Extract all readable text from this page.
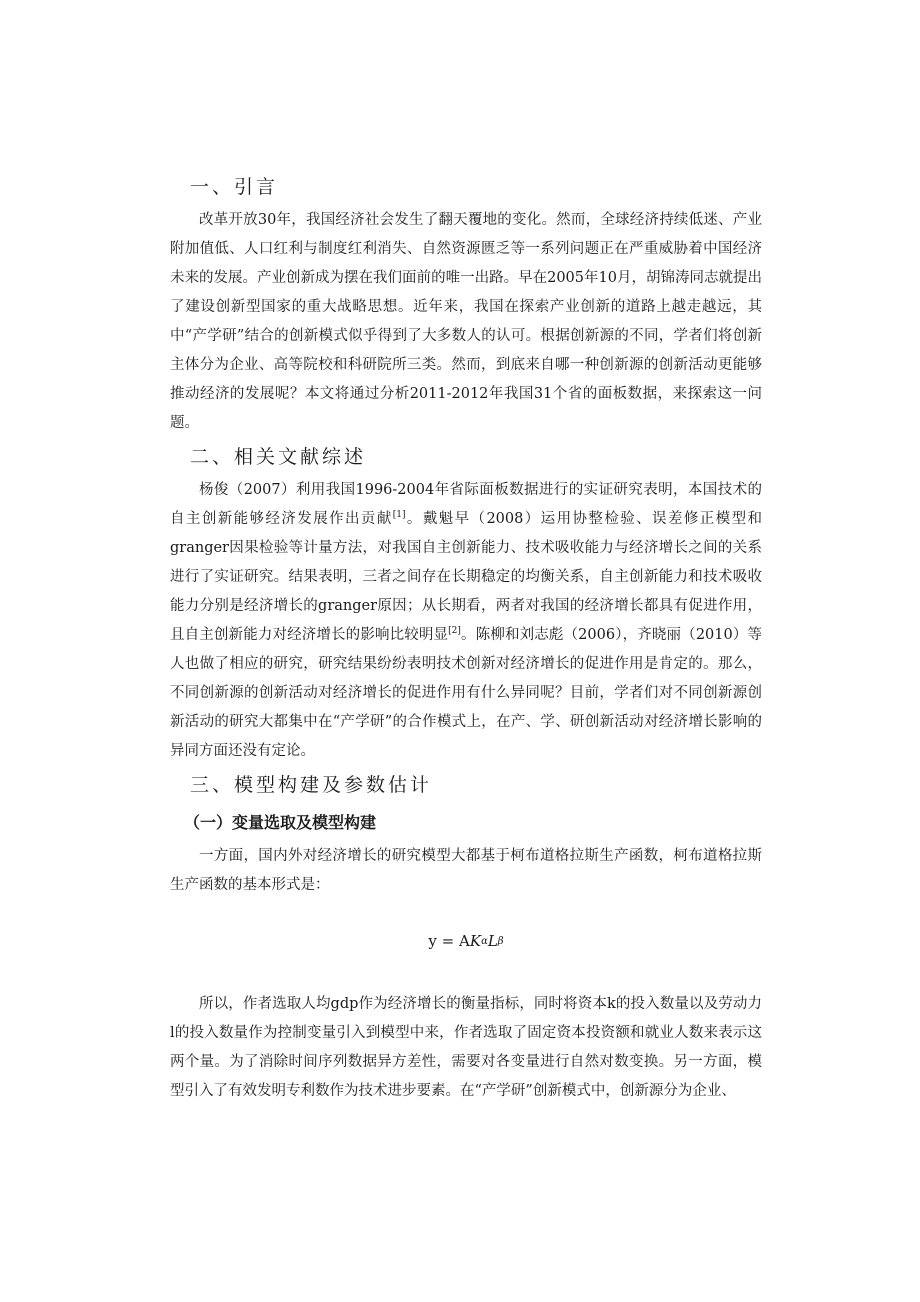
一、引言

改革开放30年，我国经济社会发生了翻天覆地的变化。然而，全球经济持续低迷、产业附加值低、人口红利与制度红利消失、自然资源匮乏等一系列问题正在严重威胁着中国经济未来的发展。产业创新成为摆在我们面前的唯一出路。早在2005年10月，胡锦涛同志就提出了建设创新型国家的重大战略思想。近年来，我国在探索产业创新的道路上越走越远，其中“产学研”结合的创新模式似乎得到了大多数人的认可。根据创新源的不同，学者们将创新主体分为企业、高等院校和科研院所三类。然而，到底来自哪一种创新源的创新活动更能够推动经济的发展呢？本文将通过分析2011-2012年我国31个省的面板数据，来探索这一问题。

二、相关文献综述

杨俊（2007）利用我国1996-2004年省际面板数据进行的实证研究表明，本国技术的自主创新能够经济发展作出贡献[1]。戴魁早（2008）运用协整检验、误差修正模型和granger因果检验等计量方法，对我国自主创新能力、技术吸收能力与经济增长之间的关系进行了实证研究。结果表明，三者之间存在长期稳定的均衡关系，自主创新能力和技术吸收能力分别是经济增长的granger原因；从长期看，两者对我国的经济增长都具有促进作用，且自主创新能力对经济增长的影响比较明显[2]。陈柳和刘志彪（2006），齐晓丽（2010）等人也做了相应的研究，研究结果纷纷表明技术创新对经济增长的促进作用是肯定的。那么，不同创新源的创新活动对经济增长的促进作用有什么异同呢？目前，学者们对不同创新源创新活动的研究大都集中在“产学研”的合作模式上，在产、学、研创新活动对经济增长影响的异同方面还没有定论。

三、模型构建及参数估计
（一）变量选取及模型构建

一方面，国内外对经济增长的研究模型大都基于柯布道格拉斯生产函数，柯布道格拉斯生产函数的基本形式是：

y = A K α L β

所以，作者选取人均gdp作为经济增长的衡量指标，同时将资本k的投入数量以及劳动力l的投入数量作为控制变量引入到模型中来，作者选取了固定资本投资额和就业人数来表示这两个量。为了消除时间序列数据异方差性，需要对各变量进行自然对数变换。另一方面，模型引入了有效发明专利数作为技术进步要素。在“产学研”创新模式中，创新源分为企业、
